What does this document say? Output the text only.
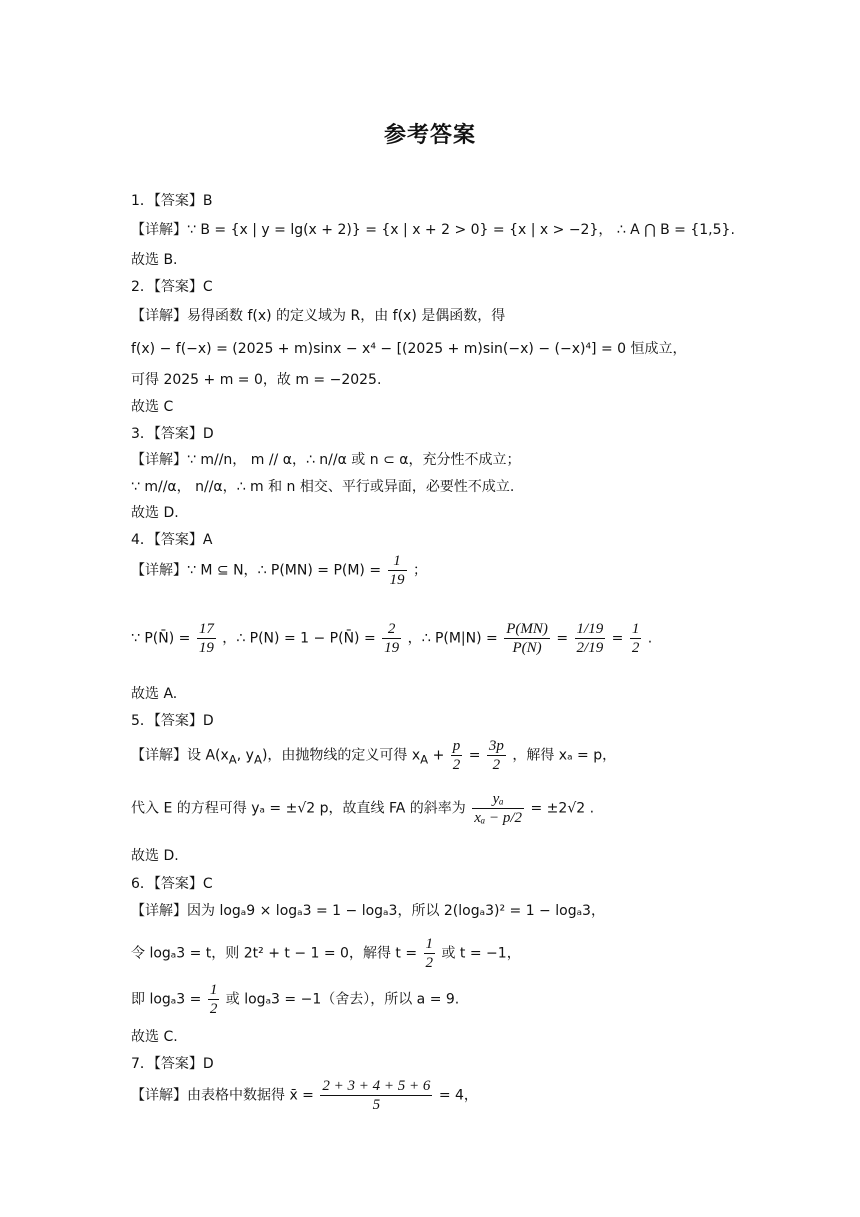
参考答案
1．【答案】B
【详解】∵ B = {x | y = lg(x + 2)} = {x | x + 2 > 0} = {x | x > −2}， ∴ A ⋂ B = {1,5}.
故选 B.
2．【答案】C
【详解】易得函数 f(x) 的定义域为 R，由 f(x) 是偶函数，得
f(x) − f(−x) = (2025 + m)sinx − x⁴ − [(2025 + m)sin(−x) − (−x)⁴] = 0 恒成立，
可得 2025 + m = 0，故 m = −2025.
故选 C
3．【答案】D
【详解】∵ m//n， m // α，∴ n//α 或 n ⊂ α，充分性不成立；
∵ m//α， n//α，∴ m 和 n 相交、平行或异面，必要性不成立.
故选 D.
4．【答案】A
故选 A.
5．【答案】D
故选 D.
6．【答案】C
【详解】因为 logₐ9 × logₐ3 = 1 − logₐ3，所以 2(logₐ3)² = 1 − logₐ3，
故选 C.
7．【答案】D
【详解】∵ M ⊆ N，∴ $P(MN) = P(M) = \frac{1}{19}$ ；
∵ P(N̄) = $\frac{17}{19}$ ，∴ P(N) = 1 − P(N̄) = $\frac{2}{19}$ ，∴ $P(M|N) = \frac{P(MN)}{P(N)} = \frac{1/19}{2/19} = \frac{1}{2}$ .
【详解】设 $A(x_A$, $y_A$)，由抛物线的定义可得 $x_A + \frac{p}{2} = \frac{3p}{2}$ ，解得 xₐ = p，
代入 E 的方程可得 yₐ = ±√2 p，故直线 FA 的斜率为 $\frac{\text{yₐ}}{\text{xₐ − p/2}} = \pm 2√2$ .
令 logₐ3 = t，则 2t² + t − 1 = 0，解得 $t = \frac{1}{2}$ 或 t = −1，
即 $\log_a3 = \frac{1}{2}$ 或 logₐ3 = −1（舍去），所以 a = 9.
【详解】由表格中数据得 x̄ = $\frac{2 + 3 + 4 + 5 + 6}{5} = 4$，
